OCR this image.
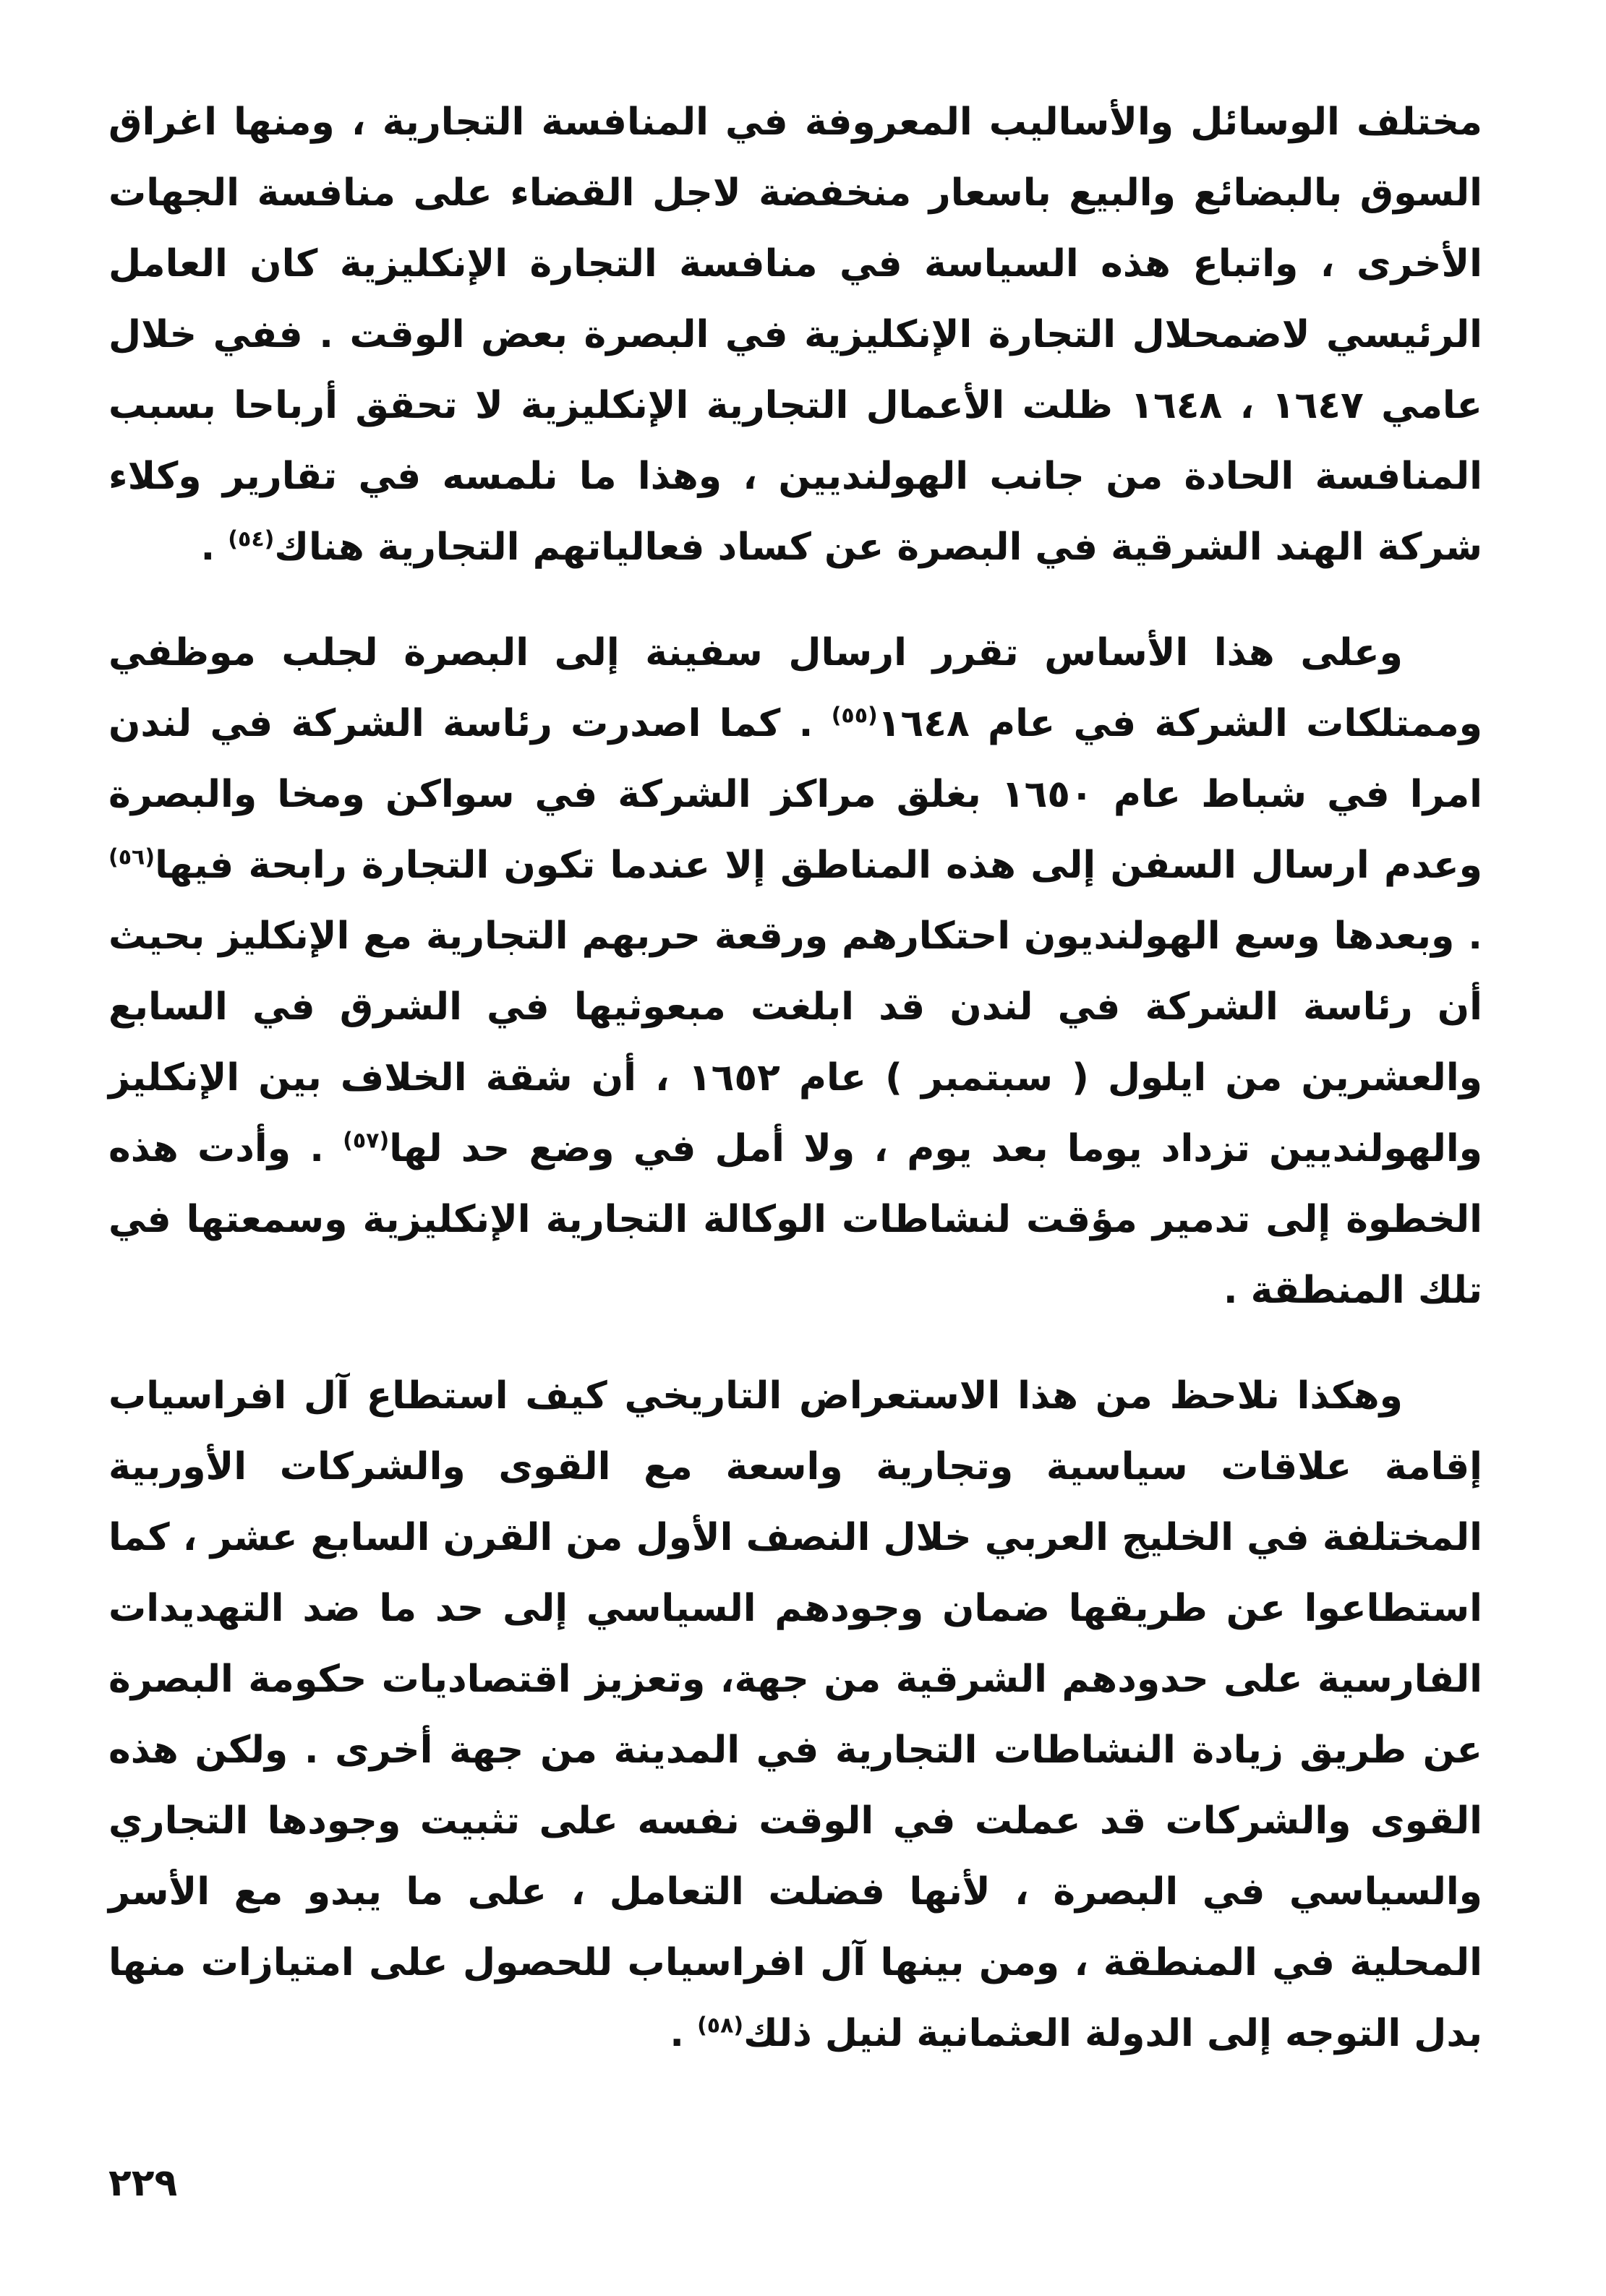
مختلف الوسائل والأساليب المعروفة في المنافسة التجارية ، ومنها اغراق السوق بالبضائع والبيع باسعار منخفضة لاجل القضاء على منافسة الجهات الأخرى ، واتباع هذه السياسة في منافسة التجارة الإنكليزية كان العامل الرئيسي لاضمحلال التجارة الإنكليزية في البصرة بعض الوقت . ففي خلال عامي ١٦٤٧ ، ١٦٤٨ ظلت الأعمال التجارية الإنكليزية لا تحقق أرباحا بسبب المنافسة الحادة من جانب الهولنديين ، وهذا ما نلمسه في تقارير وكلاء شركة الهند الشرقية في البصرة عن كساد فعالياتهم التجارية هناك$^{(٥٤)}$ .

وعلى هذا الأساس تقرر ارسال سفينة إلى البصرة لجلب موظفي وممتلكات الشركة في عام ١٦٤٨$^{(٥٥)}$ . كما اصدرت رئاسة الشركة في لندن امرا في شباط عام ١٦٥٠ بغلق مراكز الشركة في سواكن ومخا والبصرة وعدم ارسال السفن إلى هذه المناطق إلا عندما تكون التجارة رابحة فيها$^{(٥٦)}$ . وبعدها وسع الهولنديون احتكارهم ورقعة حربهم التجارية مع الإنكليز بحيث أن رئاسة الشركة في لندن قد ابلغت مبعوثيها في الشرق في السابع والعشرين من ايلول ( سبتمبر ) عام ١٦٥٢ ، أن شقة الخلاف بين الإنكليز والهولنديين تزداد يوما بعد يوم ، ولا أمل في وضع حد لها$^{(٥٧)}$ . وأدت هذه الخطوة إلى تدمير مؤقت لنشاطات الوكالة التجارية الإنكليزية وسمعتها في تلك المنطقة .

وهكذا نلاحظ من هذا الاستعراض التاريخي كيف استطاع آل افراسياب إقامة علاقات سياسية وتجارية واسعة مع القوى والشركات الأوربية المختلفة في الخليج العربي خلال النصف الأول من القرن السابع عشر ، كما استطاعوا عن طريقها ضمان وجودهم السياسي إلى حد ما ضد التهديدات الفارسية على حدودهم الشرقية من جهة، وتعزيز اقتصاديات حكومة البصرة عن طريق زيادة النشاطات التجارية في المدينة من جهة أخرى . ولكن هذه القوى والشركات قد عملت في الوقت نفسه على تثبيت وجودها التجاري والسياسي في البصرة ، لأنها فضلت التعامل ، على ما يبدو مع الأسر المحلية في المنطقة ، ومن بينها آل افراسياب للحصول على امتيازات منها بدل التوجه إلى الدولة العثمانية لنيل ذلك$^{(٥٨)}$ .

٢٢٩
